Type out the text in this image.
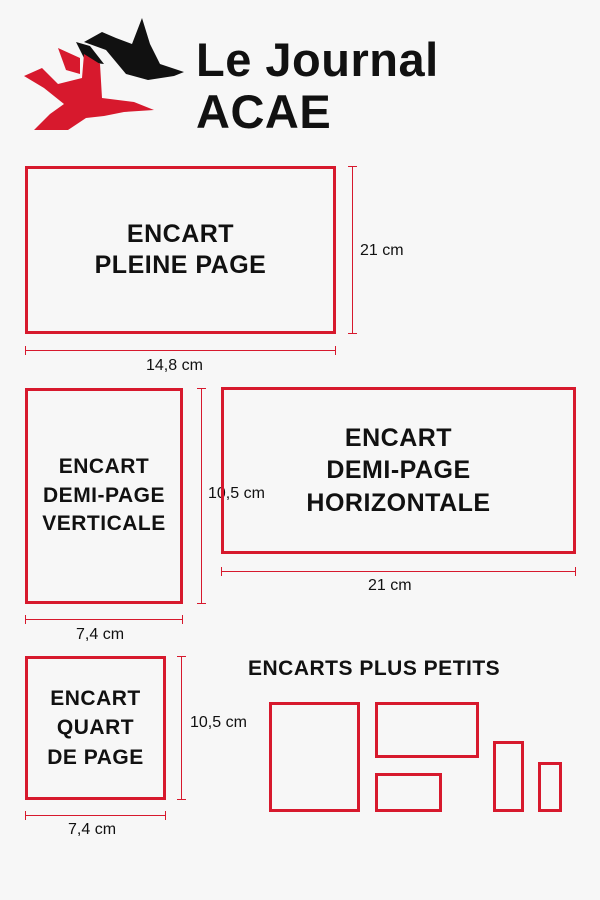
Le Journal
ACAE
ENCART
PLEINE PAGE
21 cm
14,8 cm
ENCART
DEMI-PAGE
VERTICALE
10,5 cm
7,4 cm
ENCART
DEMI-PAGE
HORIZONTALE
21 cm
ENCART
QUART
DE PAGE
10,5 cm
7,4 cm
ENCARTS PLUS PETITS
